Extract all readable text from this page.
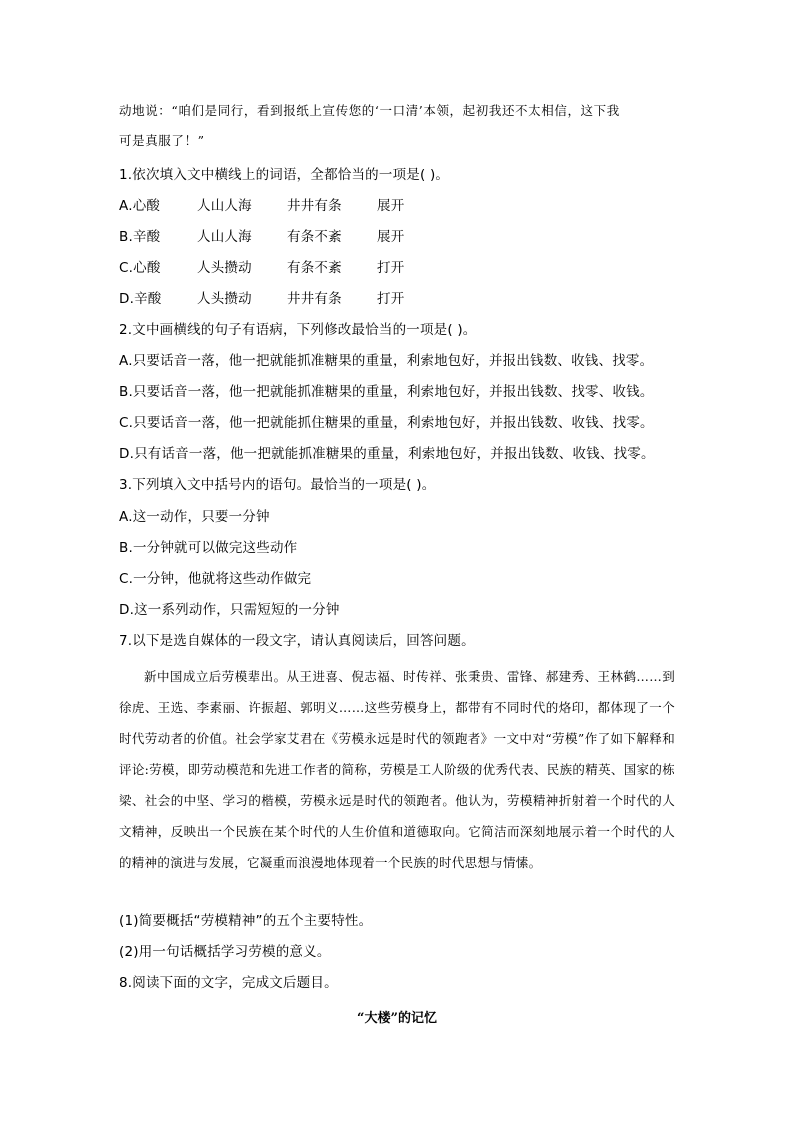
动地说：“咱们是同行，看到报纸上宣传您的‘一口清’本领，起初我还不太相信，这下我
可是真服了！”
1.依次填入文中横线上的词语，全都恰当的一项是( )。
A.心酸	人山人海	井井有条	展开
B.辛酸	人山人海	有条不紊	展开
C.心酸	人头攒动	有条不紊	打开
D.辛酸	人头攒动	井井有条	打开
2.文中画横线的句子有语病，下列修改最恰当的一项是( )。
A.只要话音一落，他一把就能抓准糖果的重量，利索地包好，并报出钱数、收钱、找零。
B.只要话音一落，他一把就能抓准糖果的重量，利索地包好，并报出钱数、找零、收钱。
C.只要话音一落，他一把就能抓住糖果的重量，利索地包好，并报出钱数、收钱、找零。
D.只有话音一落，他一把就能抓准糖果的重量，利索地包好，并报出钱数、收钱、找零。
3.下列填入文中括号内的语句。最恰当的一项是( )。
A.这一动作，只要一分钟
B.一分钟就可以做完这些动作
C.一分钟，他就将这些动作做完
D.这一系列动作，只需短短的一分钟
7.以下是选自媒体的一段文字，请认真阅读后，回答问题。
新中国成立后劳模辈出。从王进喜、倪志福、时传祥、张秉贵、雷锋、郝建秀、王林鹤……到徐虎、王选、李素丽、许振超、郭明义……这些劳模身上，都带有不同时代的烙印，都体现了一个时代劳动者的价值。社会学家艾君在《劳模永远是时代的领跑者》一文中对“劳模”作了如下解释和评论:劳模，即劳动模范和先进工作者的简称，劳模是工人阶级的优秀代表、民族的精英、国家的栋梁、社会的中坚、学习的楷模，劳模永远是时代的领跑者。他认为，劳模精神折射着一个时代的人文精神，反映出一个民族在某个时代的人生价值和道德取向。它简洁而深刻地展示着一个时代的人的精神的演进与发展，它凝重而浪漫地体现着一个民族的时代思想与情愫。
(1)简要概括“劳模精神”的五个主要特性。
(2)用一句话概括学习劳模的意义。
8.阅读下面的文字，完成文后题目。
“大楼”的记忆
